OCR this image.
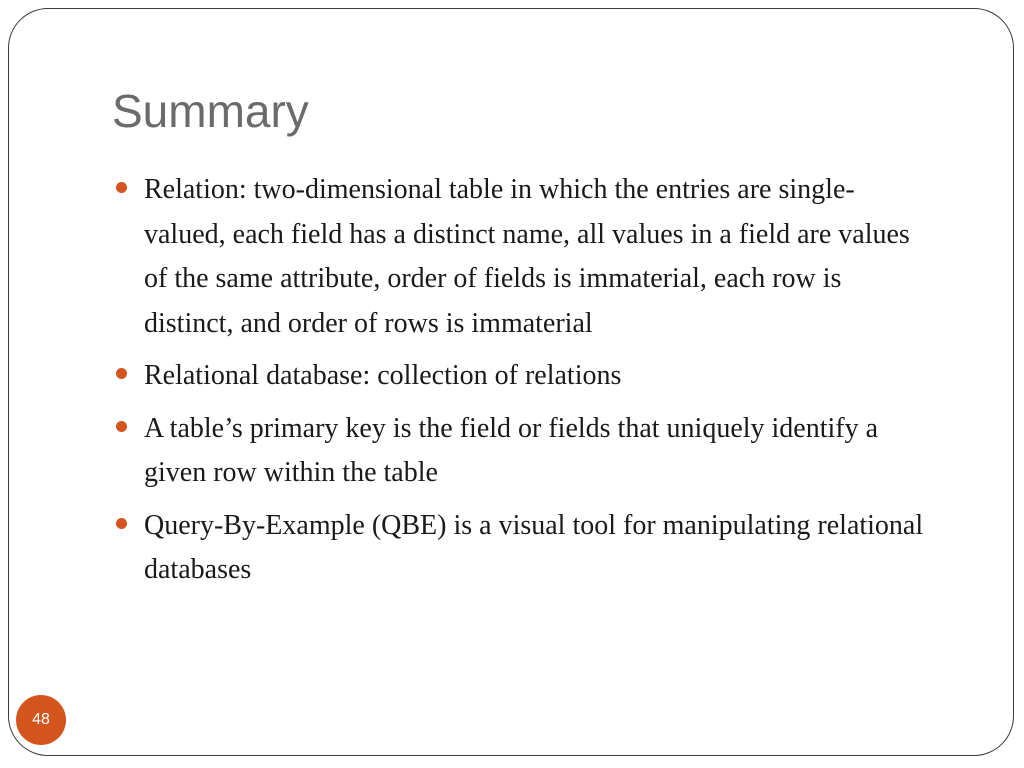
Summary
Relation: two-dimensional table in which the entries are single-valued, each field has a distinct name, all values in a field are values of the same attribute, order of fields is immaterial, each row is distinct, and order of rows is immaterial
Relational database: collection of relations
A table’s primary key is the field or fields that uniquely identify a given row within the table
Query-By-Example (QBE) is a visual tool for manipulating relational databases
48
